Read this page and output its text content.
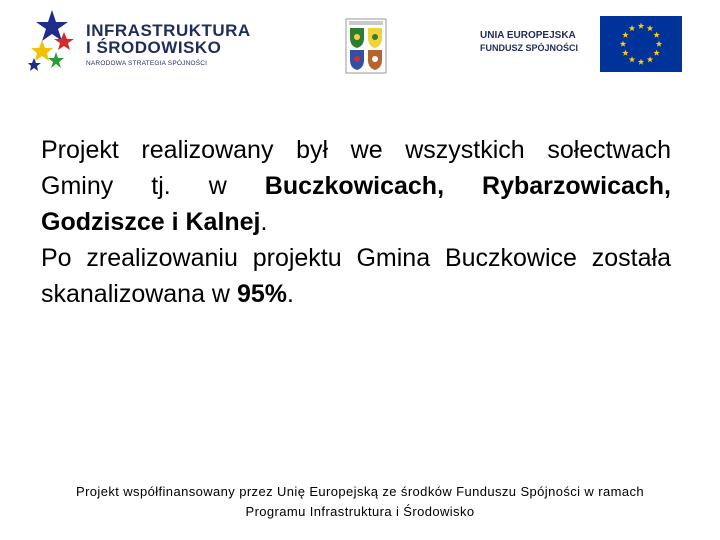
INFRASTRUKTURA
I ŚRODOWISKO
NARODOWA STRATEGIA SPÓJNOŚCI
UNIA EUROPEJSKA
FUNDUSZ SPÓJNOŚCI

Projekt realizowany był we wszystkich sołectwach Gminy tj. w Buczkowicach, Rybarzowicach, Godziszce i Kalnej.

Po zrealizowaniu projektu Gmina Buczkowice została skanalizowana w 95%.

Projekt współfinansowany przez Unię Europejską ze środków Funduszu Spójności w ramach
Programu Infrastruktura i Środowisko
